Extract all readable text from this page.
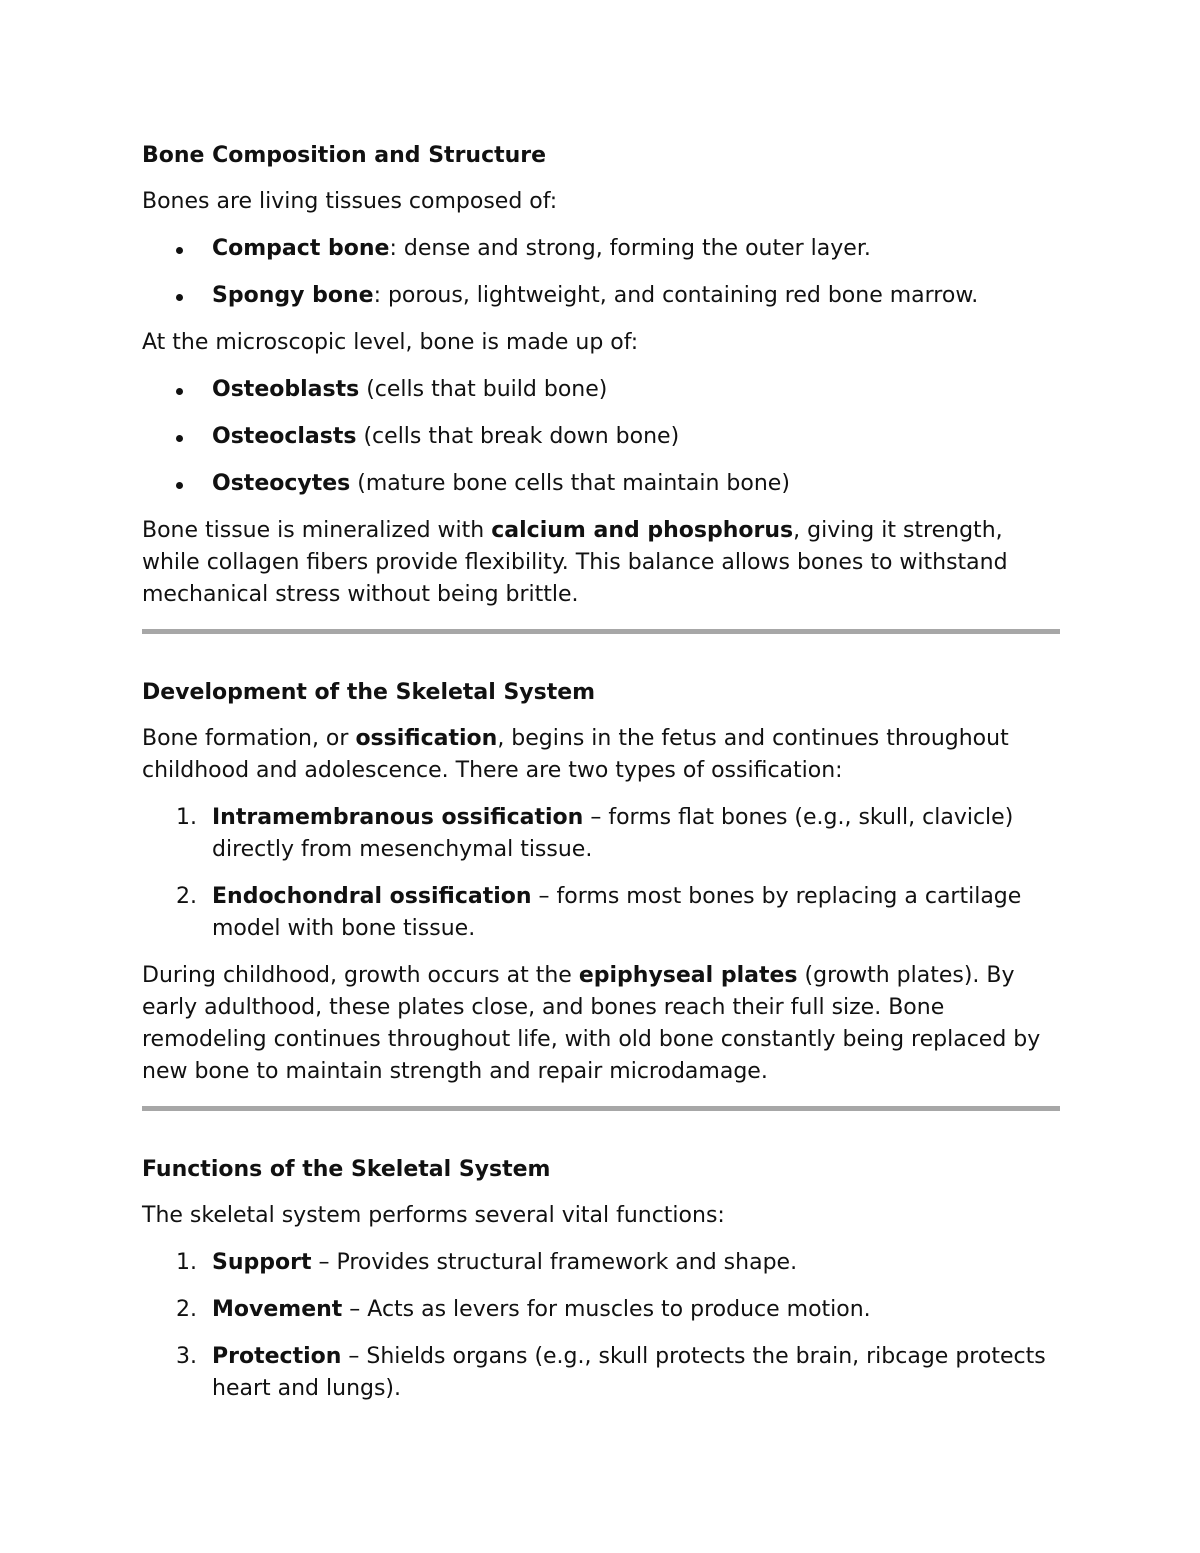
Bone Composition and Structure

Bones are living tissues composed of:

Compact bone: dense and strong, forming the outer layer.
Spongy bone: porous, lightweight, and containing red bone marrow.

At the microscopic level, bone is made up of:

Osteoblasts (cells that build bone)
Osteoclasts (cells that break down bone)
Osteocytes (mature bone cells that maintain bone)

Bone tissue is mineralized with calcium and phosphorus, giving it strength, while collagen fibers provide flexibility. This balance allows bones to withstand mechanical stress without being brittle.

Development of the Skeletal System

Bone formation, or ossification, begins in the fetus and continues throughout childhood and adolescence. There are two types of ossification:

1. Intramembranous ossification – forms flat bones (e.g., skull, clavicle) directly from mesenchymal tissue.
2. Endochondral ossification – forms most bones by replacing a cartilage model with bone tissue.

During childhood, growth occurs at the epiphyseal plates (growth plates). By early adulthood, these plates close, and bones reach their full size. Bone remodeling continues throughout life, with old bone constantly being replaced by new bone to maintain strength and repair microdamage.

Functions of the Skeletal System

The skeletal system performs several vital functions:

1. Support – Provides structural framework and shape.
2. Movement – Acts as levers for muscles to produce motion.
3. Protection – Shields organs (e.g., skull protects the brain, ribcage protects heart and lungs).
